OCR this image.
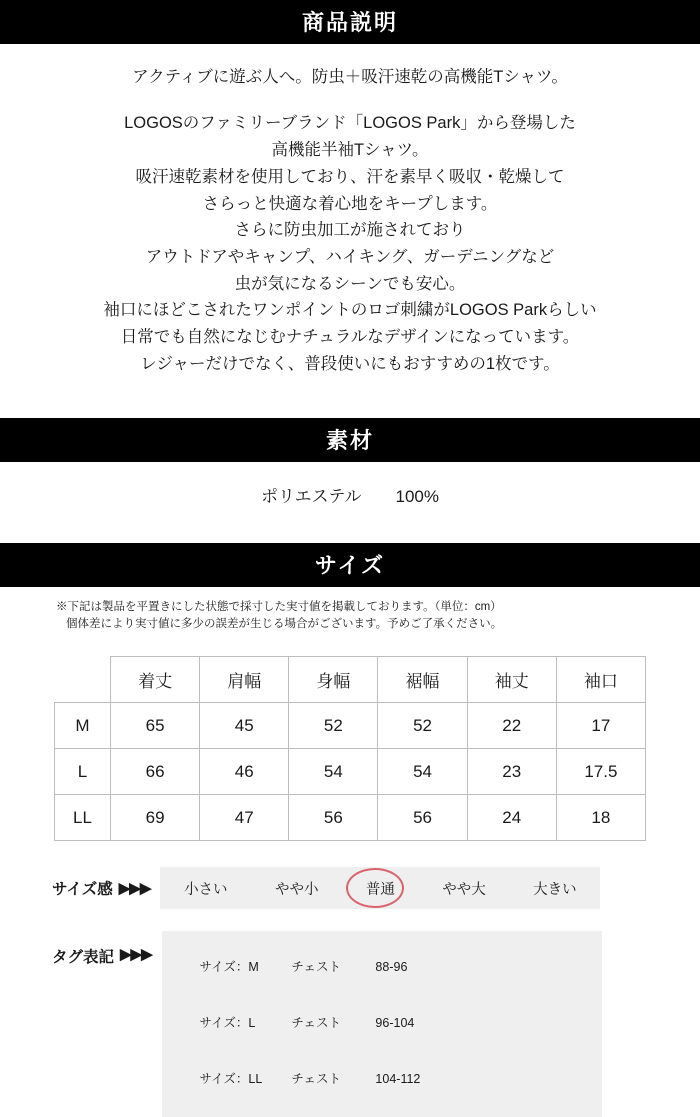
商品説明
アクティブに遊ぶ人へ。防虫＋吸汗速乾の高機能Tシャツ。
LOGOSのファミリーブランド「LOGOS Park」から登場した
高機能半袖Tシャツ。
吸汗速乾素材を使用しており、汗を素早く吸収・乾燥して
さらっと快適な着心地をキープします。
さらに防虫加工が施されており
アウトドアやキャンプ、ハイキング、ガーデニングなど
虫が気になるシーンでも安心。
袖口にほどこされたワンポイントのロゴ刺繍がLOGOS Parkらしい
日常でも自然になじむナチュラルなデザインになっています。
レジャーだけでなく、普段使いにもおすすめの1枚です。
素材
ポリエステル 100%
サイズ
※下記は製品を平置きにした状態で採寸した実寸値を掲載しております。（単位：cm）
個体差により実寸値に多少の誤差が生じる場合がございます。予めご了承ください。
	着丈	肩幅	身幅	裾幅	袖丈	袖口
M	65	45	52	52	22	17
L	66	46	54	54	23	17.5
LL	69	47	56	56	24	18
サイズ感 ▶▶▶ 小さい	やや小	普通	やや大	大きい
タグ表記 ▶▶▶

サイズ：M	チェスト	88-96

サイズ：L	チェスト	96-104

サイズ：LL チェスト	104-112
